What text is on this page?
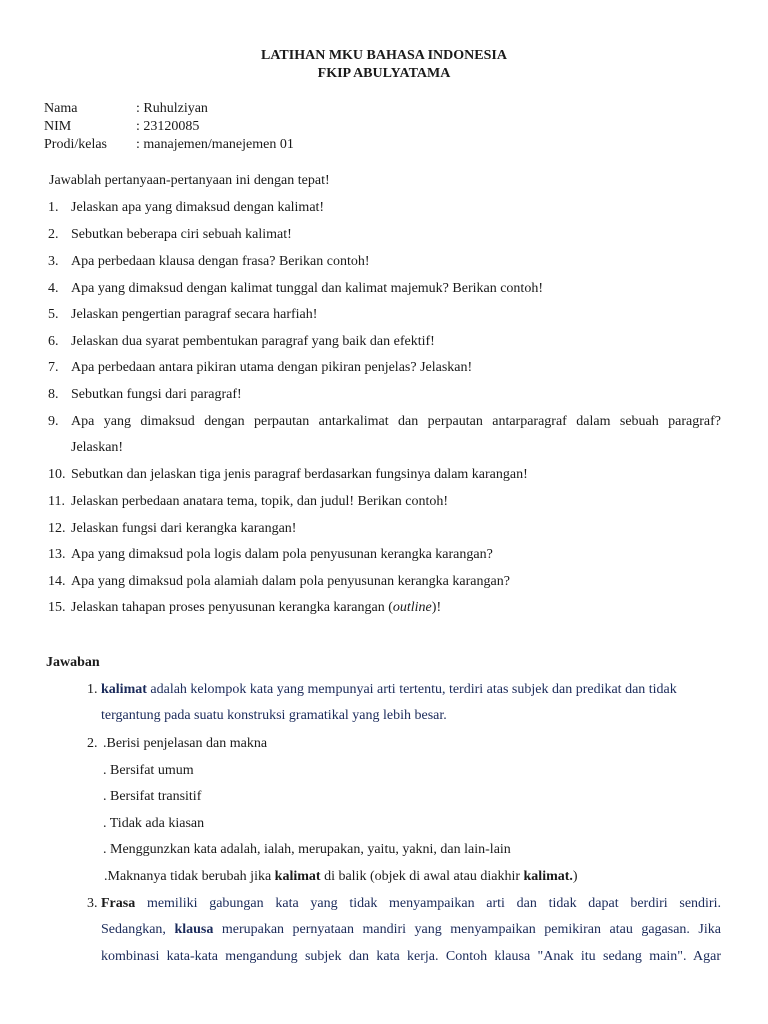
LATIHAN MKU BAHASA INDONESIA
FKIP ABULYATAMA
Nama	: Ruhulziyan
NIM	: 23120085
Prodi/kelas : manajemen/manejemen 01
Jawablah pertanyaan-pertanyaan ini dengan tepat!
1. Jelaskan apa yang dimaksud dengan kalimat!
2. Sebutkan beberapa ciri sebuah kalimat!
3. Apa perbedaan klausa dengan frasa? Berikan contoh!
4. Apa yang dimaksud dengan kalimat tunggal dan kalimat majemuk? Berikan contoh!
5. Jelaskan pengertian paragraf secara harfiah!
6. Jelaskan dua syarat pembentukan paragraf yang baik dan efektif!
7. Apa perbedaan antara pikiran utama dengan pikiran penjelas? Jelaskan!
8. Sebutkan fungsi dari paragraf!
9. Apa yang dimaksud dengan perpautan antarkalimat dan perpautan antarparagraf dalam sebuah paragraf?
Jelaskan!
10. Sebutkan dan jelaskan tiga jenis paragraf berdasarkan fungsinya dalam karangan!
11. Jelaskan perbedaan anatara tema, topik, dan judul! Berikan contoh!
12. Jelaskan fungsi dari kerangka karangan!
13. Apa yang dimaksud pola logis dalam pola penyusunan kerangka karangan?
14. Apa yang dimaksud pola alamiah dalam pola penyusunan kerangka karangan?
15. Jelaskan tahapan proses penyusunan kerangka karangan (outline)!
Jawaban
1. kalimat adalah kelompok kata yang mempunyai arti tertentu, terdiri atas subjek dan predikat dan tidak
tergantung pada suatu konstruksi gramatikal yang lebih besar.
2. .Berisi penjelasan dan makna
. Bersifat umum
. Bersifat transitif
. Tidak ada kiasan
. Menggunzkan kata adalah, ialah, merupakan, yaitu, yakni, dan lain-lain
.Maknanya tidak berubah jika kalimat di balik (objek di awal atau diakhir kalimat.)
3. Frasa memiliki gabungan kata yang tidak menyampaikan arti dan tidak dapat berdiri sendiri.
Sedangkan, klausa merupakan pernyataan mandiri yang menyampaikan pemikiran atau gagasan. Jika
kombinasi kata-kata mengandung subjek dan kata kerja. Contoh klausa "Anak itu sedang main". Agar
